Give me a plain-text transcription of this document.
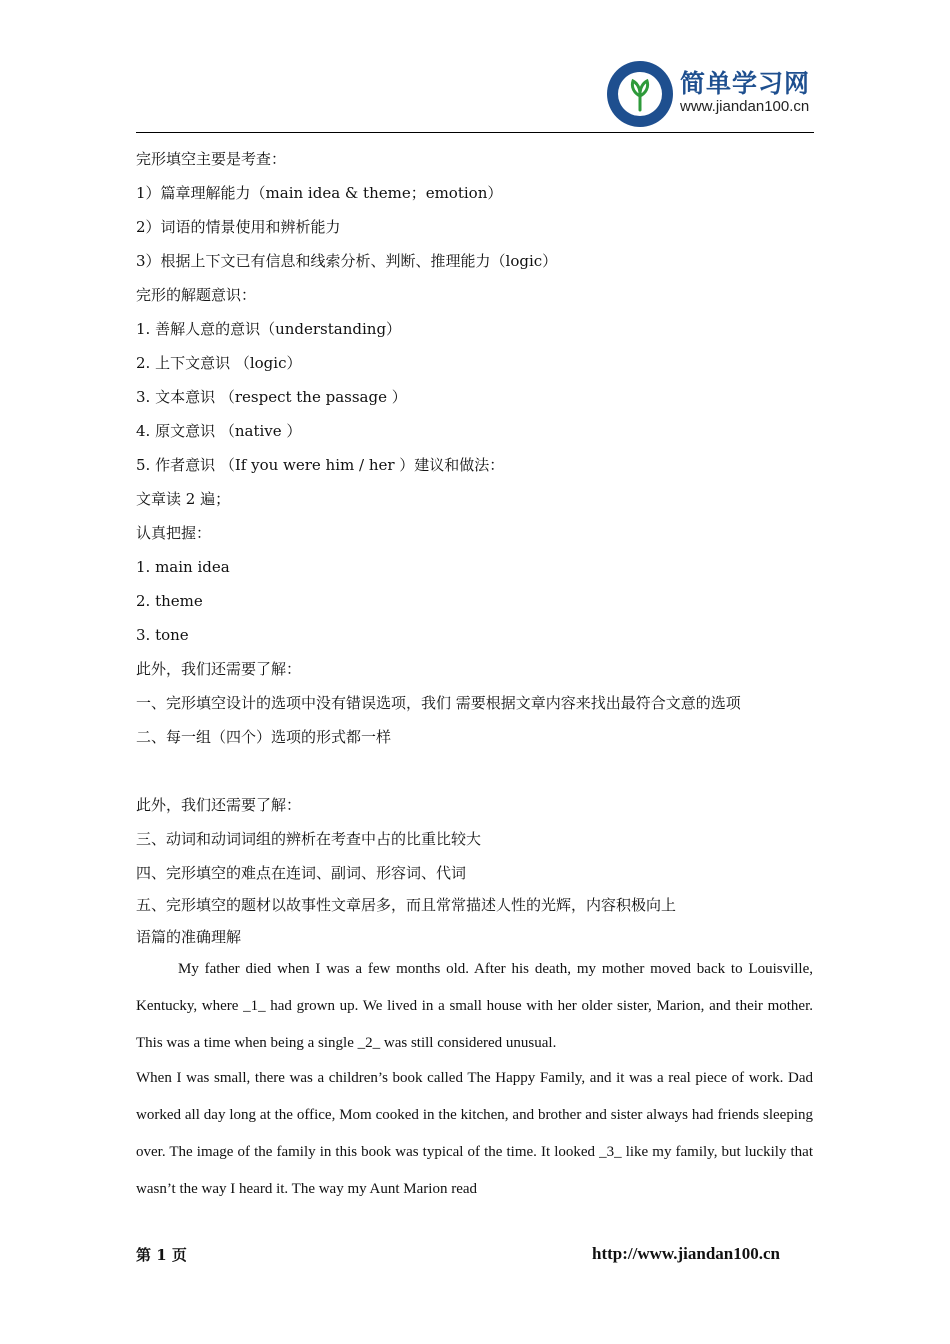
简单学习网
www.jiandan100.cn
完形填空主要是考查：
1）篇章理解能力（main idea & theme；emotion）
2）词语的情景使用和辨析能力
3）根据上下文已有信息和线索分析、判断、推理能力（logic）
完形的解题意识：
1. 善解人意的意识（understanding）
2. 上下文意识 （logic）
3. 文本意识 （respect the passage ）
4. 原文意识 （native ）
5. 作者意识 （If you were him / her ）建议和做法：
文章读 2 遍；
认真把握：
1. main idea
2. theme
3. tone
此外，我们还需要了解：
一、完形填空设计的选项中没有错误选项，我们 需要根据文章内容来找出最符合文意的选项
二、每一组（四个）选项的形式都一样
此外，我们还需要了解：
三、动词和动词词组的辨析在考查中占的比重比较大
四、完形填空的难点在连词、副词、形容词、代词
五、完形填空的题材以故事性文章居多，而且常常描述人性的光辉，内容积极向上
语篇的准确理解

My father died when I was a few months old. After his death, my mother moved back to Louisville, Kentucky, where _1_ had grown up. We lived in a small house with her older sister, Marion, and their mother. This was a time when being a single _2_ was still considered unusual.

When I was small, there was a children’s book called The Happy Family, and it was a real piece of work. Dad worked all day long at the office, Mom cooked in the kitchen, and brother and sister always had friends sleeping over. The image of the family in this book was typical of the time. It looked _3_ like my family, but luckily that wasn’t the way I heard it. The way my Aunt Marion read

第 1 页	http://www.jiandan100.cn
